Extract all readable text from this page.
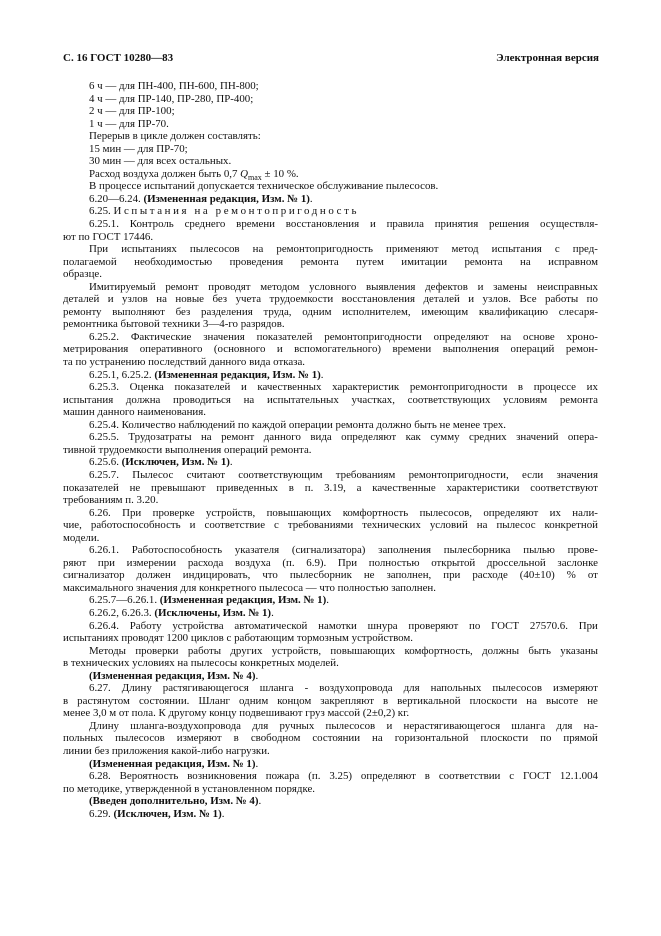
С. 16 ГОСТ 10280—83	Электронная версия
6 ч — для ПН-400, ПН-600, ПН-800;
4 ч — для ПР-140, ПР-280, ПР-400;
2 ч — для ПР-100;
1 ч — для ПР-70.
Перерыв в цикле должен составлять:
15 мин — для ПР-70;
30 мин — для всех остальных.
Расход воздуха должен быть 0,7 $Q_{max} \pm 10$ %.
В процессе испытаний допускается техническое обслуживание пылесосов.
6.20—6.24. (Измененная редакция, Изм. № 1).
6.25. Испытания на ремонтопригодность
6.25.1. Контроль среднего времени восстановления и правила принятия решения осуществля-
ют по ГОСТ 17446.
При испытаниях пылесосов на ремонтопригодность применяют метод испытания с пред-
полагаемой необходимостью проведения ремонта путем имитации ремонта на исправном
образце.
Имитируемый ремонт проводят методом условного выявления дефектов и замены неисправных
деталей и узлов на новые без учета трудоемкости восстановления деталей и узлов. Все работы по
ремонту выполняют без разделения труда, одним исполнителем, имеющим квалификацию слесаря-
ремонтника бытовой техники 3—4-го разрядов.
6.25.2. Фактические значения показателей ремонтопригодности определяют на основе хроно-
метрирования оперативного (основного и вспомогательного) времени выполнения операций ремон-
та по устранению последствий данного вида отказа.
6.25.1, 6.25.2. (Измененная редакция, Изм. № 1).
6.25.3. Оценка показателей и качественных характеристик ремонтопригодности в процессе их
испытания должна проводиться на испытательных участках, соответствующих условиям ремонта
машин данного наименования.
6.25.4. Количество наблюдений по каждой операции ремонта должно быть не менее трех.
6.25.5. Трудозатраты на ремонт данного вида определяют как сумму средних значений опера-
тивной трудоемкости выполнения операций ремонта.
6.25.6. (Исключен, Изм. № 1).
6.25.7. Пылесос считают соответствующим требованиям ремонтопригодности, если значения
показателей не превышают приведенных в п. 3.19, а качественные характеристики соответствуют
требованиям п. 3.20.
6.26. При проверке устройств, повышающих комфортность пылесосов, определяют их нали-
чие, работоспособность и соответствие с требованиями технических условий на пылесос конкретной
модели.
6.26.1. Работоспособность указателя (сигнализатора) заполнения пылесборника пылью прове-
ряют при измерении расхода воздуха (п. 6.9). При полностью открытой дроссельной заслонке
сигнализатор должен индицировать, что пылесборник не заполнен, при расходе (40±10) % от
максимального значения для конкретного пылесоса — что полностью заполнен.
6.25.7—6.26.1. (Измененная редакция, Изм. № 1).
6.26.2, 6.26.3. (Исключены, Изм. № 1).
6.26.4. Работу устройства автоматической намотки шнура проверяют по ГОСТ 27570.6. При
испытаниях проводят 1200 циклов с работающим тормозным устройством.
Методы проверки работы других устройств, повышающих комфортность, должны быть указаны
в технических условиях на пылесосы конкретных моделей.
(Измененная редакция, Изм. № 4).
6.27. Длину растягивающегося шланга - воздухопровода для напольных пылесосов измеряют
в растянутом состоянии. Шланг одним концом закрепляют в вертикальной плоскости на высоте не
менее 3,0 м от пола. К другому концу подвешивают груз массой (2±0,2) кг.
Длину шланга-воздухопровода для ручных пылесосов и нерастягивающегося шланга для на-
польных пылесосов измеряют в свободном состоянии на горизонтальной плоскости по прямой
линии без приложения какой-либо нагрузки.
(Измененная редакция, Изм. № 1).
6.28. Вероятность возникновения пожара (п. 3.25) определяют в соответствии с ГОСТ 12.1.004
по методике, утвержденной в установленном порядке.
(Введен дополнительно, Изм. № 4).
6.29. (Исключен, Изм. № 1).
